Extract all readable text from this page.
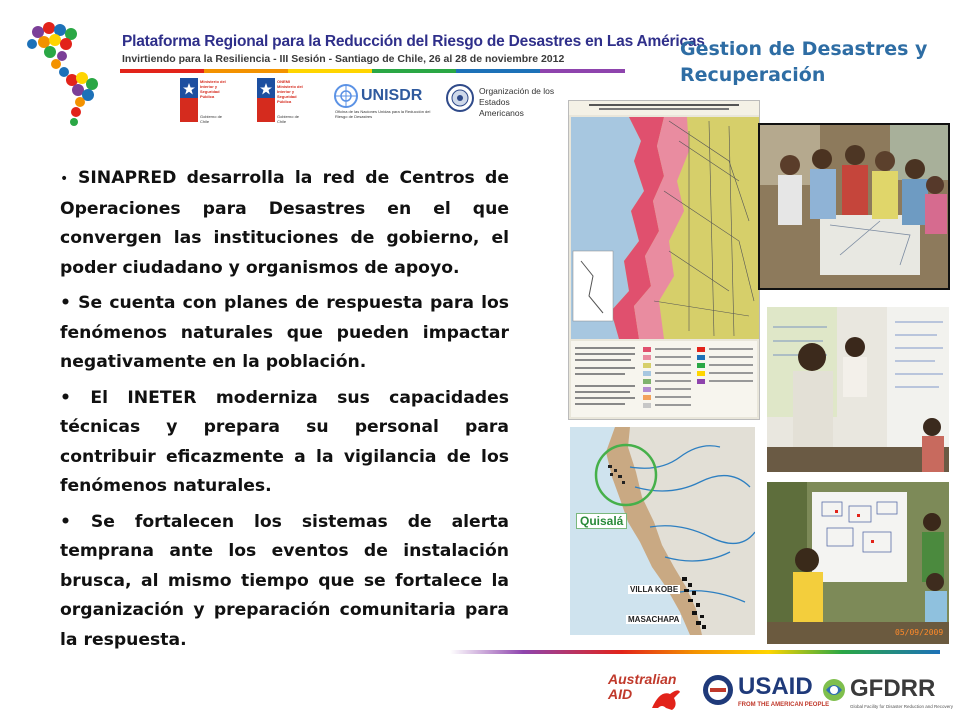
Plataforma Regional para la Reducción del Riesgo de Desastres en Las Américas
Invirtiendo para la Resiliencia - III Sesión - Santiago de Chile, 26 al 28 de noviembre 2012
Ministerio del Interior y Seguridad Pública
Gobierno de Chile
ONEMI Ministerio del Interior y Seguridad Pública
Gobierno de Chile
UNISDR
Oficina de las Naciones Unidas para la Reducción del Riesgo de Desastres
Organización de los Estados Americanos
Gestion de Desastres y Recuperación
• SINAPRED desarrolla la red de Centros de Operaciones para Desastres en el que convergen las instituciones de gobierno, el poder ciudadano y organismos de apoyo.
• Se cuenta con planes de respuesta para los fenómenos naturales que pueden impactar negativamente en la población.
• El INETER moderniza sus capacidades técnicas y prepara su personal para contribuir eficazmente a la vigilancia de los fenómenos naturales.
• Se fortalecen los sistemas de alerta temprana ante los eventos de instalación brusca, al mismo tiempo que se fortalece la organización y preparación comunitaria para la respuesta.
Quisalá
VILLA KOBE
MASACHAPA
05/09/2009
Australian AID	USAID
FROM THE AMERICAN PEOPLE
GFDRR
Global Facility for Disaster Reduction and Recovery
